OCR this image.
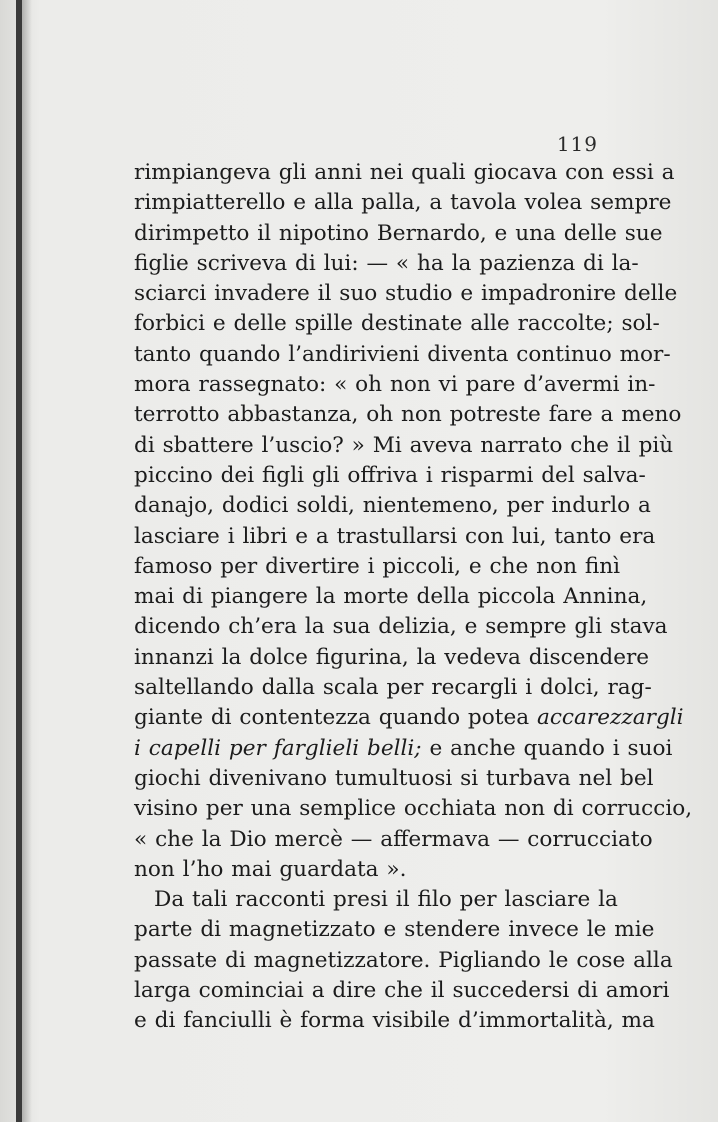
119
rimpiangeva gli anni nei quali giocava con essi a
rimpiatterello e alla palla, a tavola volea sempre
dirimpetto il nipotino Bernardo, e una delle sue
figlie scriveva di lui: — « ha la pazienza di la-
sciarci invadere il suo studio e impadronire delle
forbici e delle spille destinate alle raccolte; sol-
tanto quando l’andirivieni diventa continuo mor-
mora rassegnato: « oh non vi pare d’avermi in-
terrotto abbastanza, oh non potreste fare a meno
di sbattere l’uscio? » Mi aveva narrato che il più
piccino dei figli gli offriva i risparmi del salva-
danajo, dodici soldi, nientemeno, per indurlo a
lasciare i libri e a trastullarsi con lui, tanto era
famoso per divertire i piccoli, e che non finì
mai di piangere la morte della piccola Annina,
dicendo ch’era la sua delizia, e sempre gli stava
innanzi la dolce figurina, la vedeva discendere
saltellando dalla scala per recargli i dolci, rag-
giante di contentezza quando potea accarezzargli
i capelli per farglieli belli; e anche quando i suoi
giochi divenivano tumultuosi si turbava nel bel
visino per una semplice occhiata non di corruccio,
« che la Dio mercè — affermava — corrucciato
non l’ho mai guardata ».
Da tali racconti presi il filo per lasciare la
parte di magnetizzato e stendere invece le mie
passate di magnetizzatore. Pigliando le cose alla
larga cominciai a dire che il succedersi di amori
e di fanciulli è forma visibile d’immortalità, ma
